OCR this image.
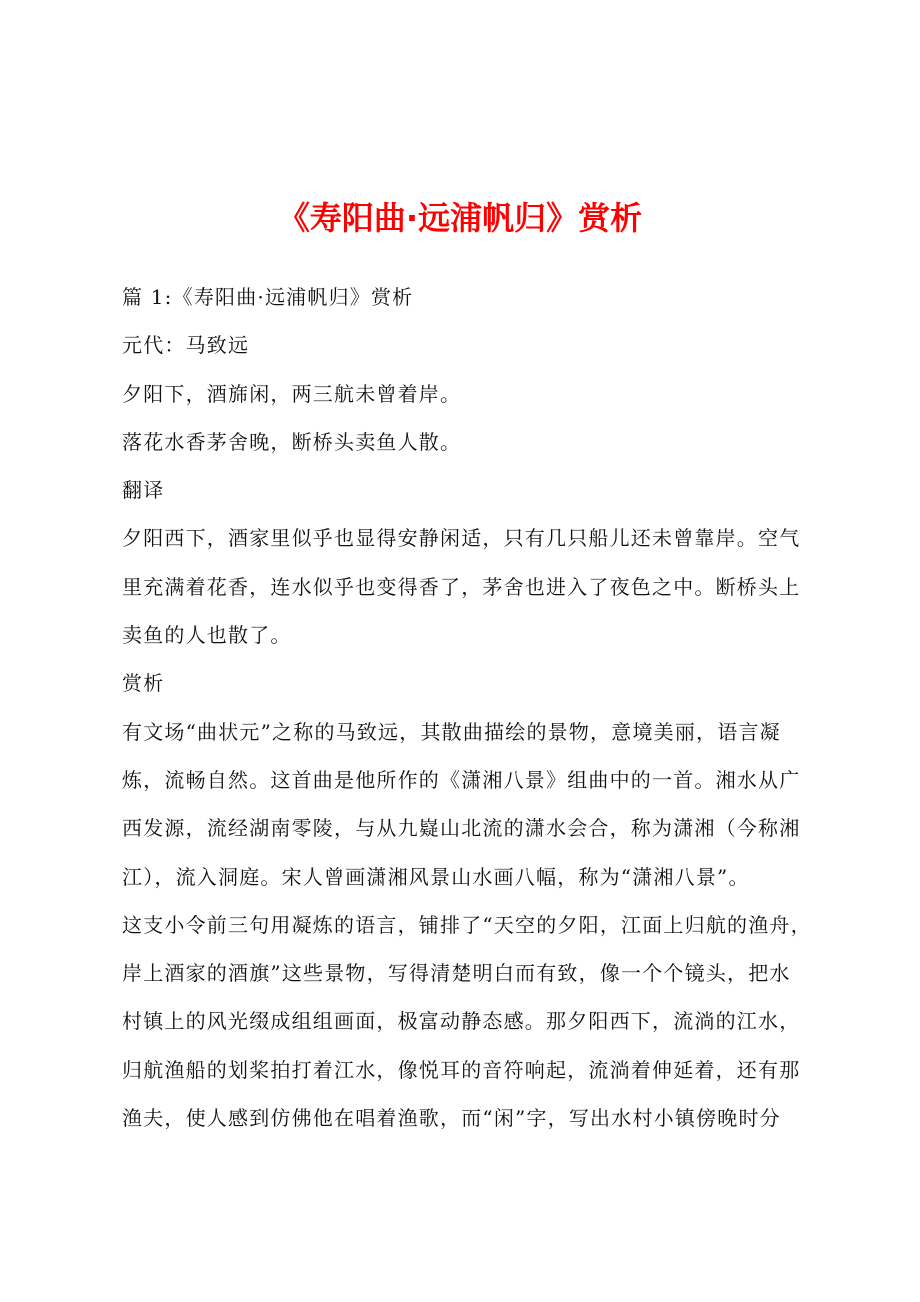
《寿阳曲·远浦帆归》赏析
篇 1:《寿阳曲·远浦帆归》赏析
元代：马致远
夕阳下，酒旆闲，两三航未曾着岸。
落花水香茅舍晚，断桥头卖鱼人散。
翻译
夕阳西下，酒家里似乎也显得安静闲适，只有几只船儿还未曾靠岸。空气
里充满着花香，连水似乎也变得香了，茅舍也进入了夜色之中。断桥头上
卖鱼的人也散了。
赏析
有文场“曲状元”之称的马致远，其散曲描绘的景物，意境美丽，语言凝
炼，流畅自然。这首曲是他所作的《潇湘八景》组曲中的一首。湘水从广
西发源，流经湖南零陵，与从九嶷山北流的潇水会合，称为潇湘（今称湘
江），流入洞庭。宋人曾画潇湘风景山水画八幅，称为“潇湘八景”。
这支小令前三句用凝炼的语言，铺排了“天空的夕阳，江面上归航的渔舟，
岸上酒家的酒旗”这些景物，写得清楚明白而有致，像一个个镜头，把水
村镇上的风光缀成组组画面，极富动静态感。那夕阳西下，流淌的江水，
归航渔船的划桨拍打着江水，像悦耳的音符响起，流淌着伸延着，还有那
渔夫，使人感到仿佛他在唱着渔歌，而“闲”字，写出水村小镇傍晚时分
